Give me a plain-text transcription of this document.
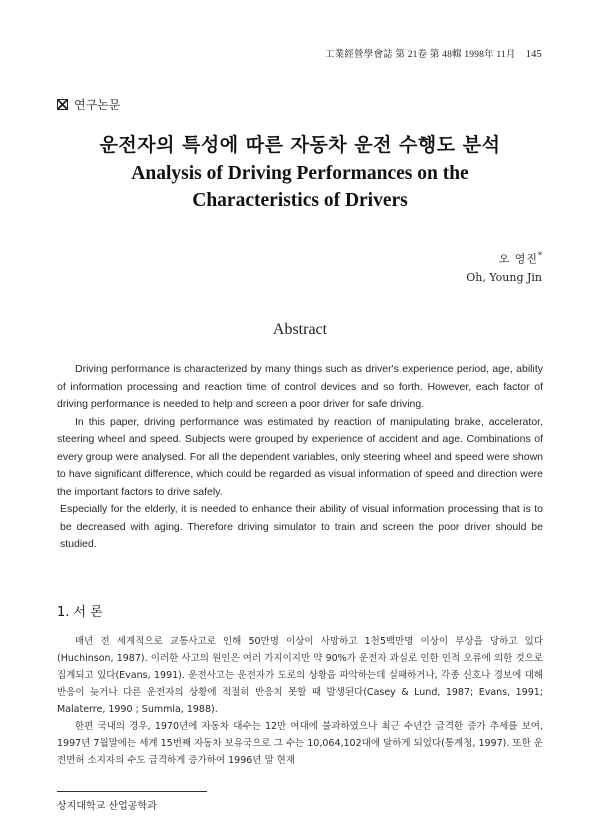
工業經營學會誌 第 21卷 第 48輯 1998年 11月 145
연구논문
운전자의 특성에 따른 자동차 운전 수행도 분석
Analysis of Driving Performances on the
Characteristics of Drivers
오 영진*
Oh, Young Jin
Abstract

Driving performance is characterized by many things such as driver's experience period, age, ability of information processing and reaction time of control devices and so forth. However, each factor of driving performance is needed to help and screen a poor driver for safe driving.

In this paper, driving performance was estimated by reaction of manipulating brake, accelerator, steering wheel and speed. Subjects were grouped by experience of accident and age. Combinations of every group were analysed. For all the dependent variables, only steering wheel and speed were shown to have significant difference, which could be regarded as visual information of speed and direction were the important factors to drive safely.

Especially for the elderly, it is needed to enhance their ability of visual information processing that is to be decreased with aging. Therefore driving simulator to train and screen the poor driver should be studied.

1. 서 론

매년 전 세계적으로 교통사고로 인해 50만명 이상이 사망하고 1천5백만명 이상이 부상을 당하고 있다(Huchinson, 1987). 이러한 사고의 원인은 여러 가지이지만 약 90%가 운전자 과실로 인한 인적 오류에 의한 것으로 집계되고 있다(Evans, 1991). 운전사고는 운전자가 도로의 상황을 파악하는데 실패하거나, 각종 신호나 경보에 대해 반응이 늦거나 다른 운전자의 상황에 적절히 반응치 못할 때 발생된다(Casey & Lund, 1987; Evans, 1991; Malaterre, 1990 ; Summla, 1988).

한편 국내의 경우, 1970년에 자동차 대수는 12만 여대에 불과하였으나 최근 수년간 급격한 증가 추세를 보여, 1997년 7월말에는 세계 15번째 자동차 보유국으로 그 수는 10,064,102대에 달하게 되었다(통계청, 1997). 또한 운전면허 소지자의 수도 급격하게 증가하여 1996년 말 현재

상지대학교 산업공학과
